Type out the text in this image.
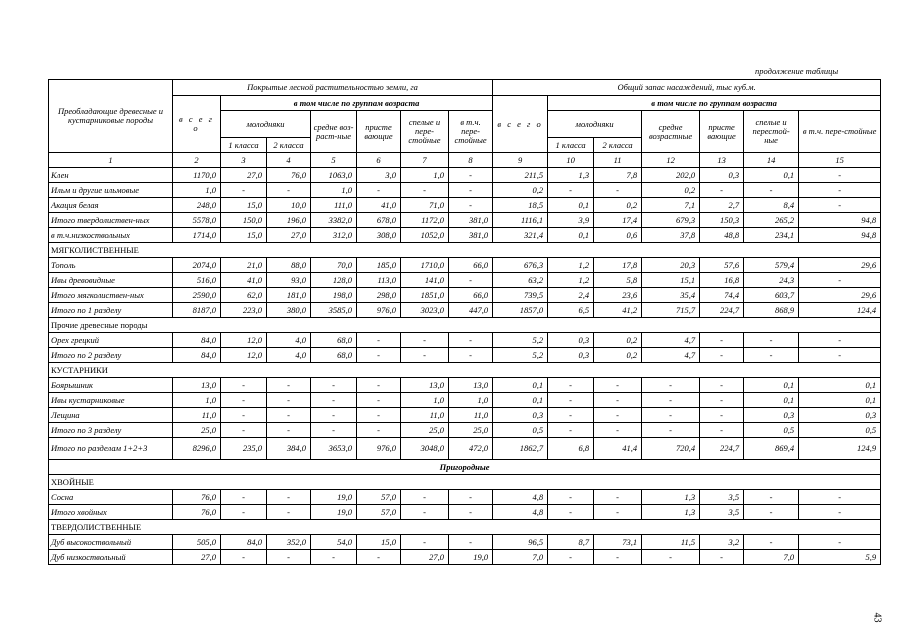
продолжение таблицы
Преобладающие древесные и кустарниковые породы	Покрытые лесной растительностью земли, га							Общий запас насаждений, тыс куб.м.						
	в с е г о	в том числе по группам возраста						в с е г о	в том числе по группам возраста					
		молодняки		средне воз-раст-ные	присте вающие	спелые и пере-стойные	в т.ч. пере-стойные		молодняки		средне возрастные	присте вающие	спелые и перестой-ные	в т.ч. пере-стойные
		1 класса	2 класса						1 класса	2 класса				
1	2	3	4	5	6	7	8	9	10	11	12	13	14	15
Клен	1170,0	27,0	76,0	1063,0	3,0	1,0	-	211,5	1,3	7,8	202,0	0,3	0,1	-
Ильм и другие ильмовые	1,0	-	-	1,0	-	-	-	0,2	-	-	0,2	-	-	-
Акация белая	248,0	15,0	10,0	111,0	41,0	71,0	-	18,5	0,1	0,2	7,1	2,7	8,4	-
Итого твердолиствен-ных	5578,0	150,0	196,0	3382,0	678,0	1172,0	381,0	1116,1	3,9	17,4	679,3	150,3	265,2	94,8
в т.ч.низкоствольных	1714,0	15,0	27,0	312,0	308,0	1052,0	381,0	321,4	0,1	0,6	37,8	48,8	234,1	94,8
МЯГКОЛИСТВЕННЫЕ														
Тополь	2074,0	21,0	88,0	70,0	185,0	1710,0	66,0	676,3	1,2	17,8	20,3	57,6	579,4	29,6
Ивы древовидные	516,0	41,0	93,0	128,0	113,0	141,0	-	63,2	1,2	5,8	15,1	16,8	24,3	-
Итого мягколиствен-ных	2590,0	62,0	181,0	198,0	298,0	1851,0	66,0	739,5	2,4	23,6	35,4	74,4	603,7	29,6
Итого по 1 разделу	8187,0	223,0	380,0	3585,0	976,0	3023,0	447,0	1857,0	6,5	41,2	715,7	224,7	868,9	124,4
Прочие древесные породы														
Орех грецкий	84,0	12,0	4,0	68,0	-	-	-	5,2	0,3	0,2	4,7	-	-	-
Итого по 2 разделу	84,0	12,0	4,0	68,0	-	-	-	5,2	0,3	0,2	4,7	-	-	-
КУСТАРНИКИ														
Боярышник	13,0	-	-	-	-	13,0	13,0	0,1	-	-	-	-	0,1	0,1
Ивы кустарниковые	1,0	-	-	-	-	1,0	1,0	0,1	-	-	-	-	0,1	0,1
Лещина	11,0	-	-	-	-	11,0	11,0	0,3	-	-	-	-	0,3	0,3
Итого по 3 разделу	25,0	-	-	-	-	25,0	25,0	0,5	-	-	-	-	0,5	0,5
Итого по разделам 1+2+3	8296,0	235,0	384,0	3653,0	976,0	3048,0	472,0	1862,7	6,8	41,4	720,4	224,7	869,4	124,9
Пригородные														
ХВОЙНЫЕ														
Сосна	76,0	-	-	19,0	57,0	-	-	4,8	-	-	1,3	3,5	-	-
Итого хвойных	76,0	-	-	19,0	57,0	-	-	4,8	-	-	1,3	3,5	-	-
ТВЕРДОЛИСТВЕННЫЕ														
Дуб высокоствольный	505,0	84,0	352,0	54,0	15,0	-	-	96,5	8,7	73,1	11,5	3,2	-	-
Дуб низкоствольный	27,0	-	-	-	-	27,0	19,0	7,0	-	-	-	-	7,0	5,9
43
